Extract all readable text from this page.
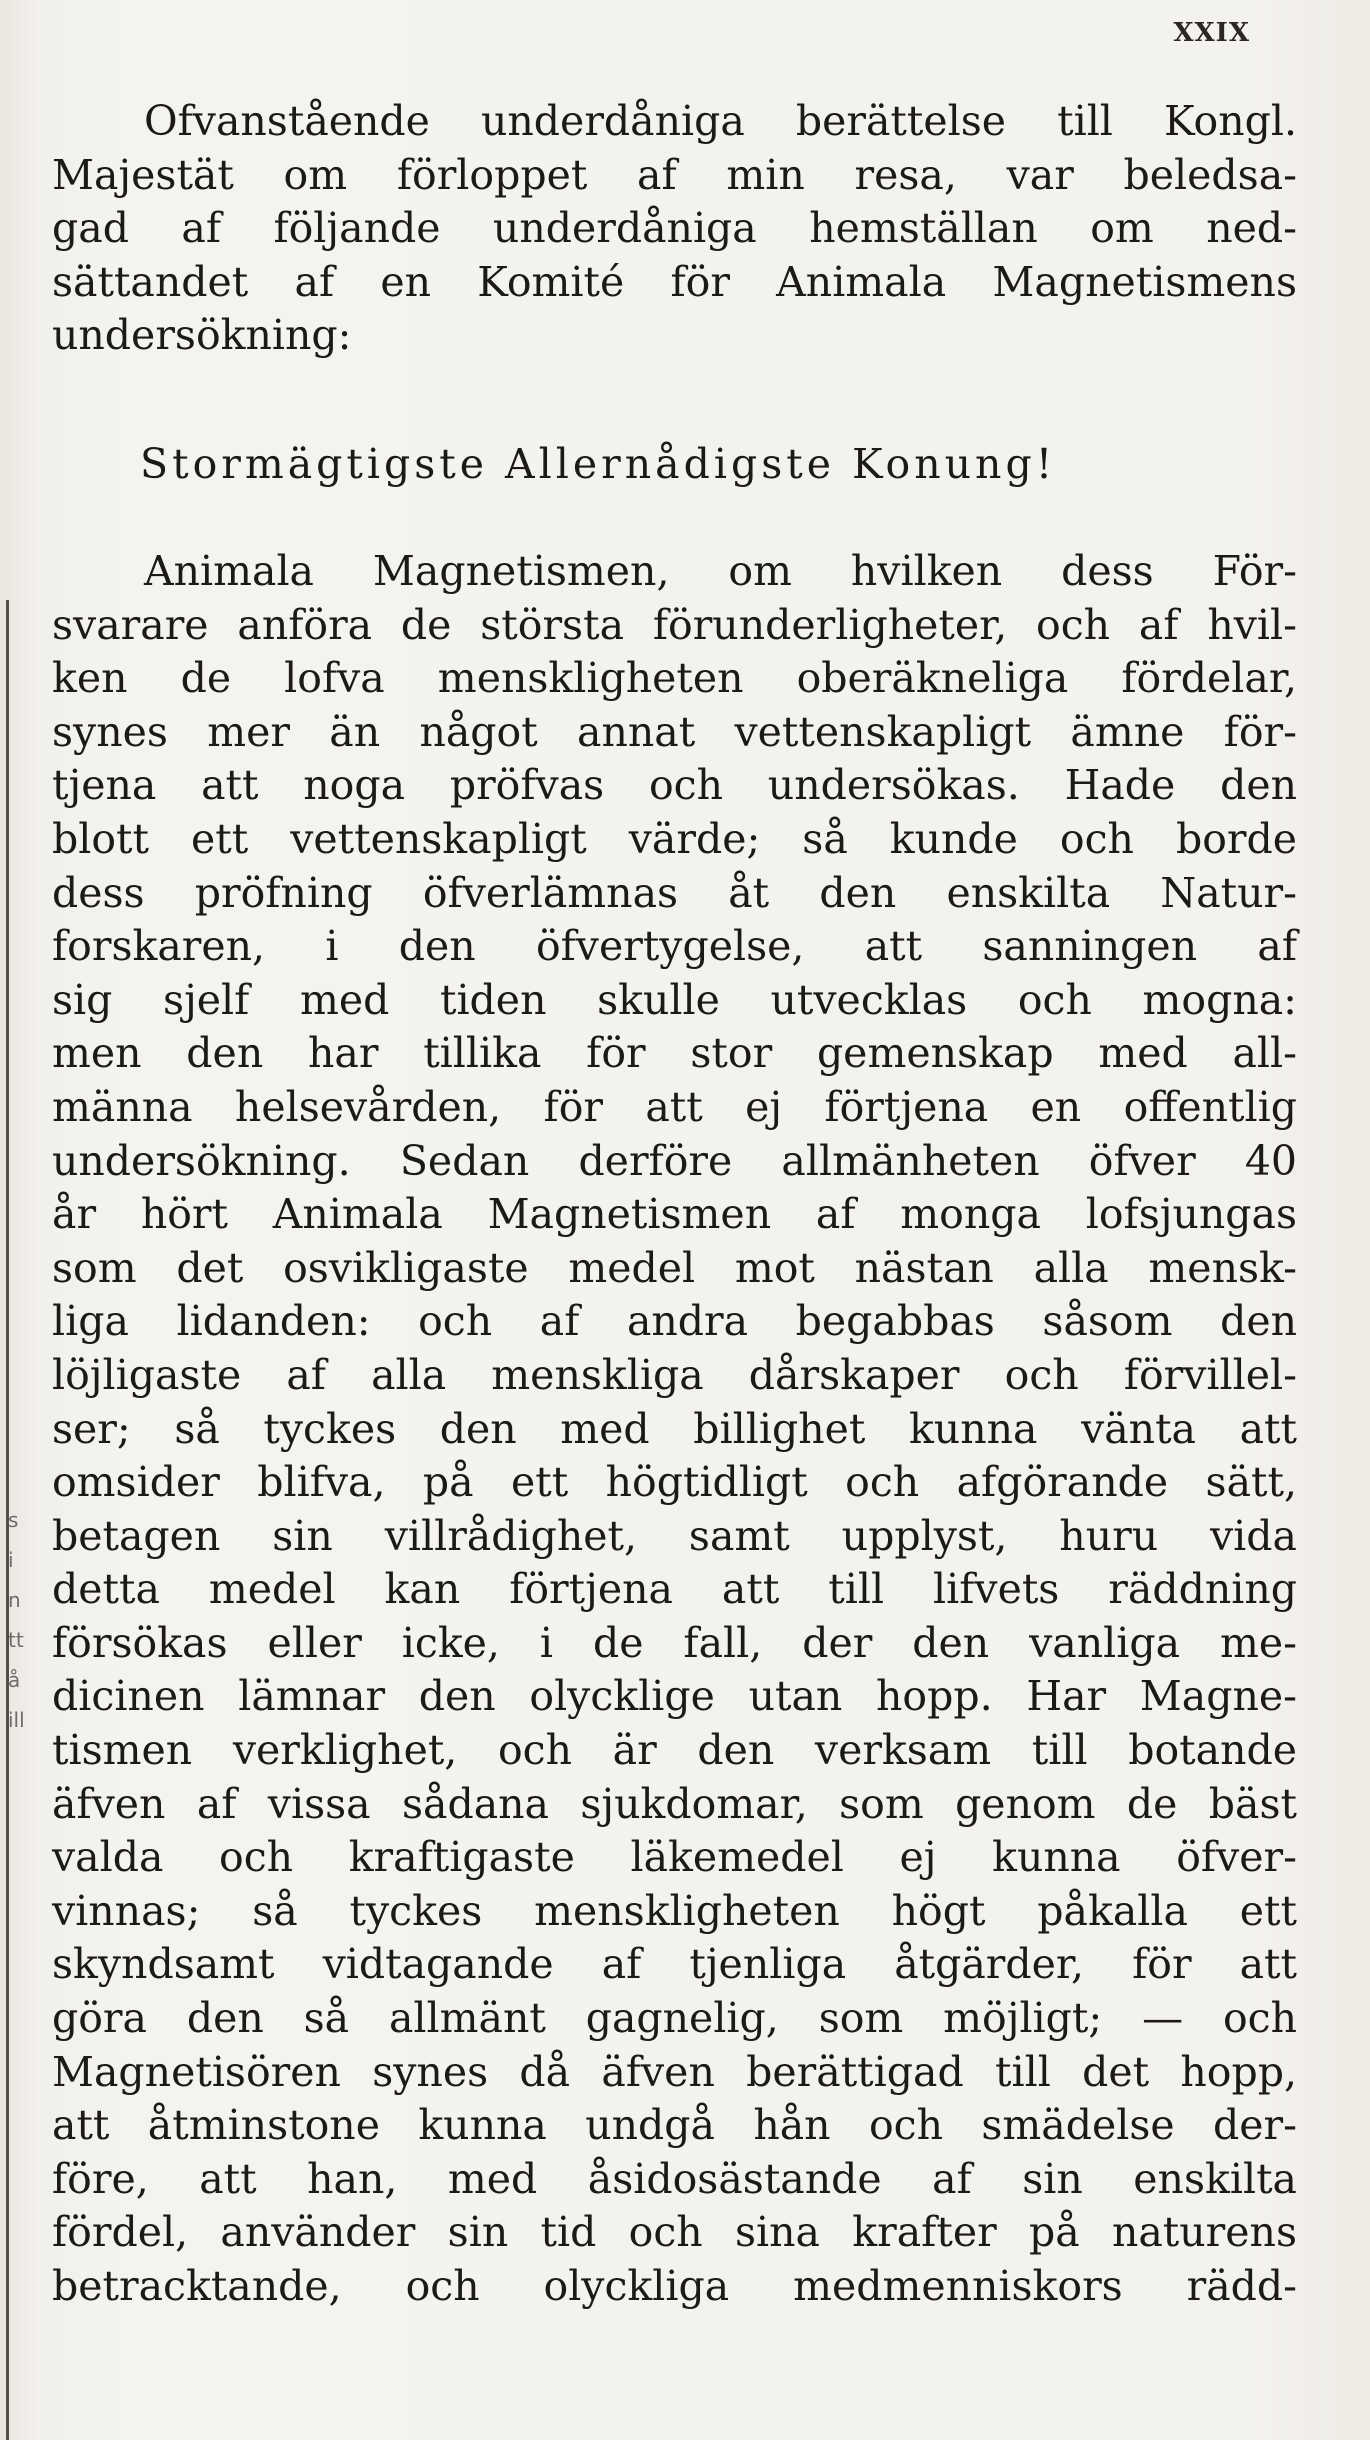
s
i
n
tt
å
ill
XXIX
Ofvanstående underdåniga berättelse till Kongl.
Majestät om förloppet af min resa, var beledsa-
gad af följande underdåniga hemställan om ned-
sättandet af en Komité för Animala Magnetismens
undersökning:
Stormägtigste Allernådigste Konung!
Animala Magnetismen, om hvilken dess För-
svarare anföra de största förunderligheter, och af hvil-
ken de lofva menskligheten oberäkneliga fördelar,
synes mer än något annat vettenskapligt ämne för-
tjena att noga pröfvas och undersökas. Hade den
blott ett vettenskapligt värde; så kunde och borde
dess pröfning öfverlämnas åt den enskilta Natur-
forskaren, i den öfvertygelse, att sanningen af
sig sjelf med tiden skulle utvecklas och mogna:
men den har tillika för stor gemenskap med all-
männa helsevården, för att ej förtjena en offentlig
undersökning. Sedan derföre allmänheten öfver 40
år hört Animala Magnetismen af monga lofsjungas
som det osvikligaste medel mot nästan alla mensk-
liga lidanden: och af andra begabbas såsom den
löjligaste af alla menskliga dårskaper och förvillel-
ser; så tyckes den med billighet kunna vänta att
omsider blifva, på ett högtidligt och afgörande sätt,
betagen sin villrådighet, samt upplyst, huru vida
detta medel kan förtjena att till lifvets räddning
försökas eller icke, i de fall, der den vanliga me-
dicinen lämnar den olycklige utan hopp. Har Magne-
tismen verklighet, och är den verksam till botande
äfven af vissa sådana sjukdomar, som genom de bäst
valda och kraftigaste läkemedel ej kunna öfver-
vinnas; så tyckes menskligheten högt påkalla ett
skyndsamt vidtagande af tjenliga åtgärder, för att
göra den så allmänt gagnelig, som möjligt; — och
Magnetisören synes då äfven berättigad till det hopp,
att åtminstone kunna undgå hån och smädelse der-
före, att han, med åsidosästande af sin enskilta
fördel, använder sin tid och sina krafter på naturens
betracktande, och olyckliga medmenniskors rädd-
